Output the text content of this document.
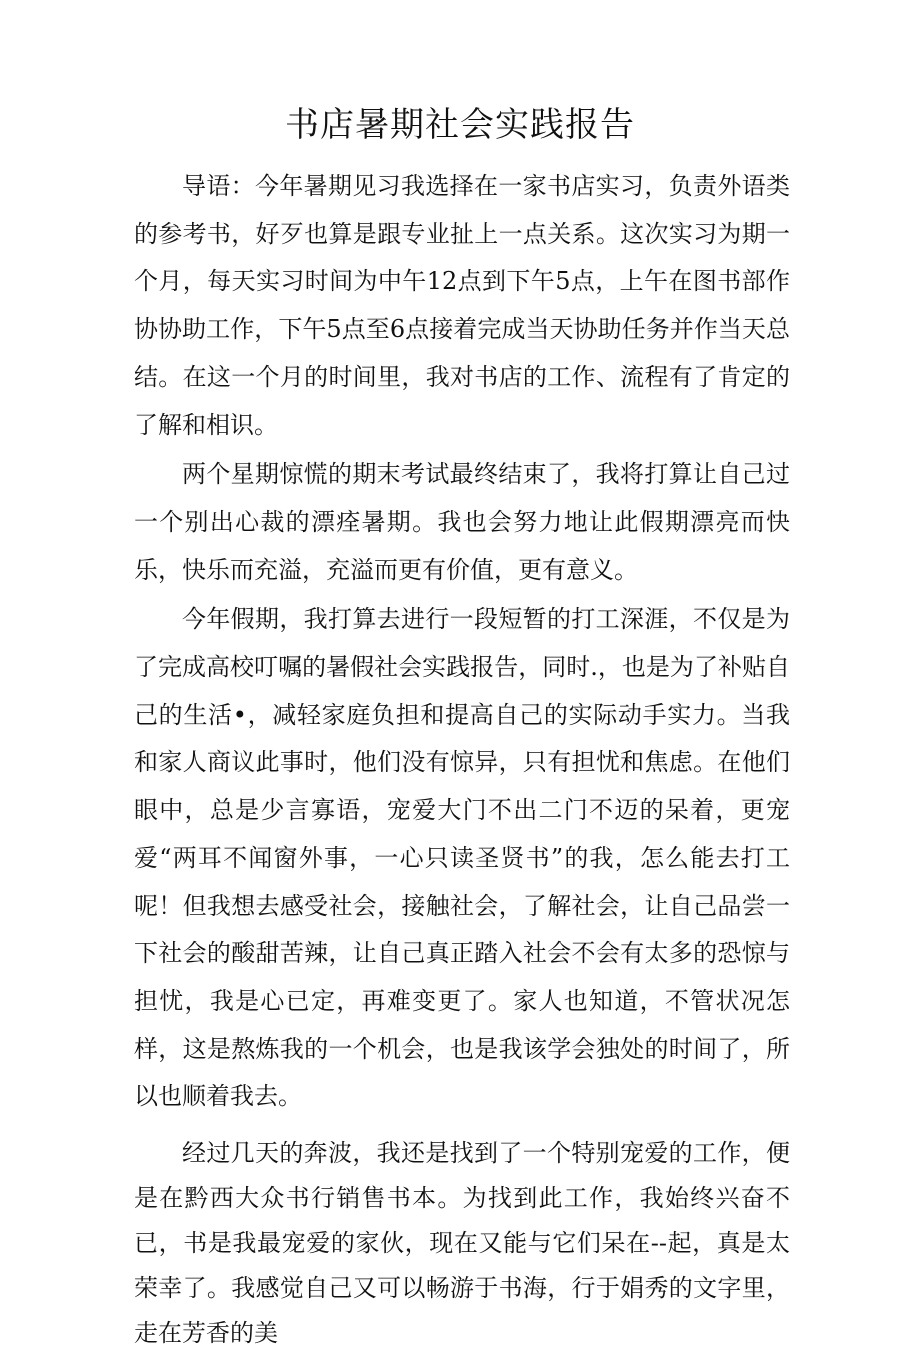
书店暑期社会实践报告

导语：今年暑期见习我选择在一家书店实习，负责外语类的参考书，好歹也算是跟专业扯上一点关系。这次实习为期一个月，每天实习时间为中午12点到下午5点，上午在图书部作协协助工作，下午5点至6点接着完成当天协助任务并作当天总结。在这一个月的时间里，我对书店的工作、流程有了肯定的了解和相识。

两个星期惊慌的期末考试最终结束了，我将打算让自己过一个别出心裁的漂痊暑期。我也会努力地让此假期漂亮而快乐，快乐而充溢，充溢而更有价值，更有意义。

今年假期，我打算去进行一段短暂的打工深涯，不仅是为了完成高校叮嘱的暑假社会实践报告，同时.，也是为了补贴自己的生活•，减轻家庭负担和提高自己的实际动手实力。当我和家人商议此事时，他们没有惊异，只有担忧和焦虑。在他们眼中，总是少言寡语，宠爱大门不出二门不迈的呆着，更宠爱“两耳不闻窗外事，一心只读圣贤书”的我，怎么能去打工呢！但我想去感受社会，接触社会，了解社会，让自己品尝一下社会的酸甜苦辣，让自己真正踏入社会不会有太多的恐惊与担忧，我是心已定，再难变更了。家人也知道，不管状况怎样，这是熬炼我的一个机会，也是我该学会独处的时间了，所以也顺着我去。

经过几天的奔波，我还是找到了一个特别宠爱的工作，便是在黔西大众书行销售书本。为找到此工作，我始终兴奋不已，书是我最宠爱的家伙，现在又能与它们呆在--起，真是太荣幸了。我感觉自己又可以畅游于书海，行于娟秀的文字里，走在芳香的美
